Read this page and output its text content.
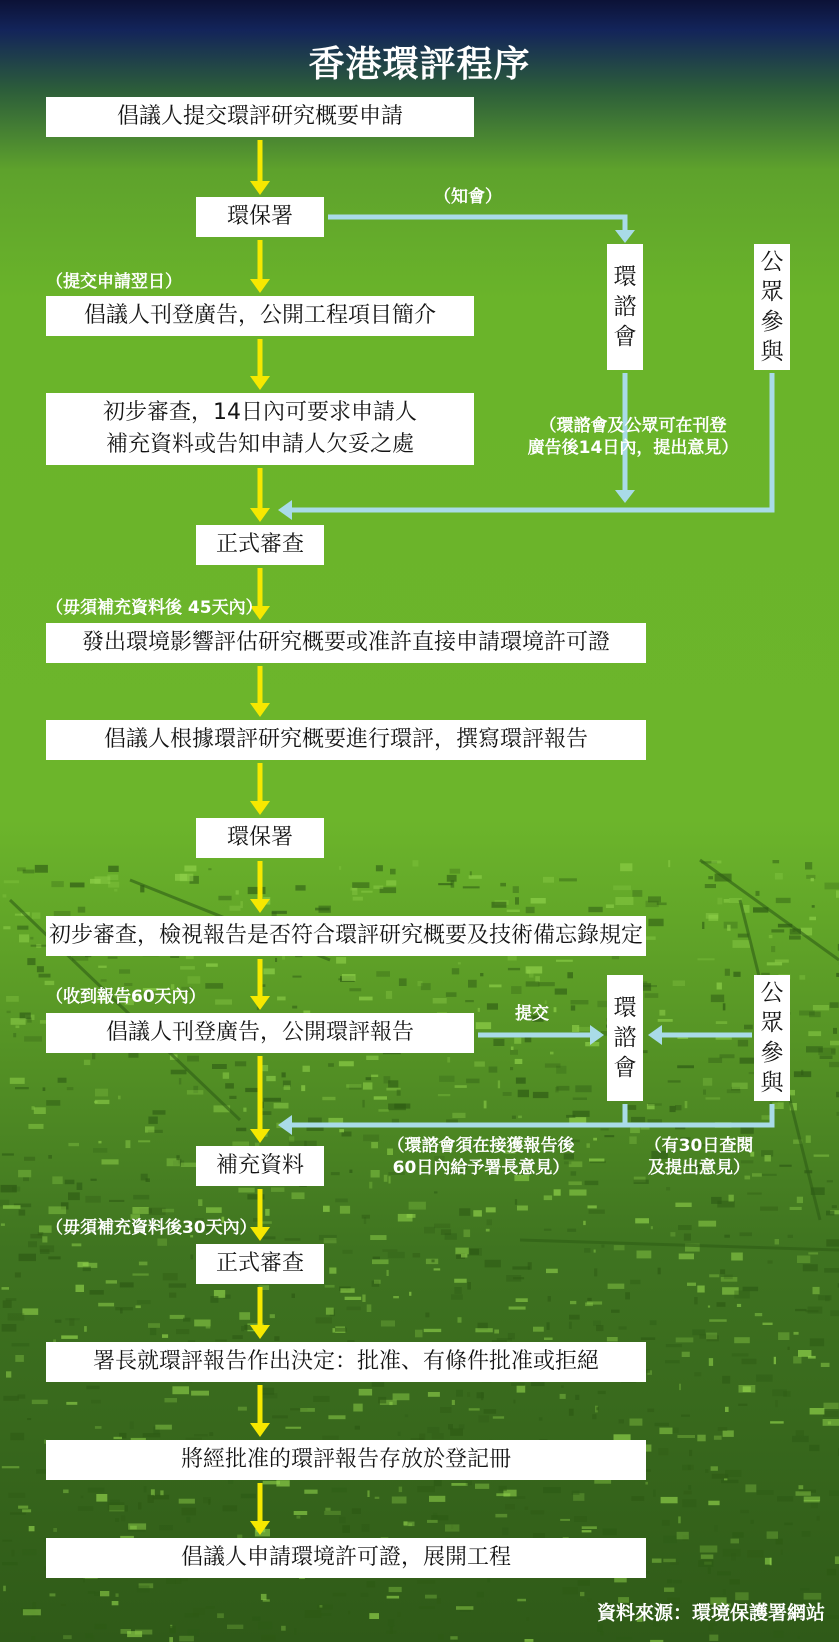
香港環評程序
倡議人提交環評研究概要申請
環保署
倡議人刊登廣告，公開工程項目簡介
初步審查，14日內可要求申請人
補充資料或告知申請人欠妥之處
正式審查
發出環境影響評估研究概要或准許直接申請環境許可證
倡議人根據環評研究概要進行環評，撰寫環評報告
環保署
初步審查，檢視報告是否符合環評研究概要及技術備忘錄規定
倡議人刊登廣告，公開環評報告
補充資料
正式審查
署長就環評報告作出決定：批准、有條件批准或拒絕
將經批准的環評報告存放於登記冊
倡議人申請環境許可證，展開工程
環諮會
公眾參與
環諮會
公眾參與
（知會）
（提交申請翌日）
（環諮會及公眾可在刊登
廣告後14日內，提出意見）
（毋須補充資料後 45天內）
（收到報告60天內）
提交
（環諮會須在接獲報告後
60日內給予署長意見）
（有30日查閱
及提出意見）
（毋須補充資料後30天內）
資料來源：環境保護署網站
